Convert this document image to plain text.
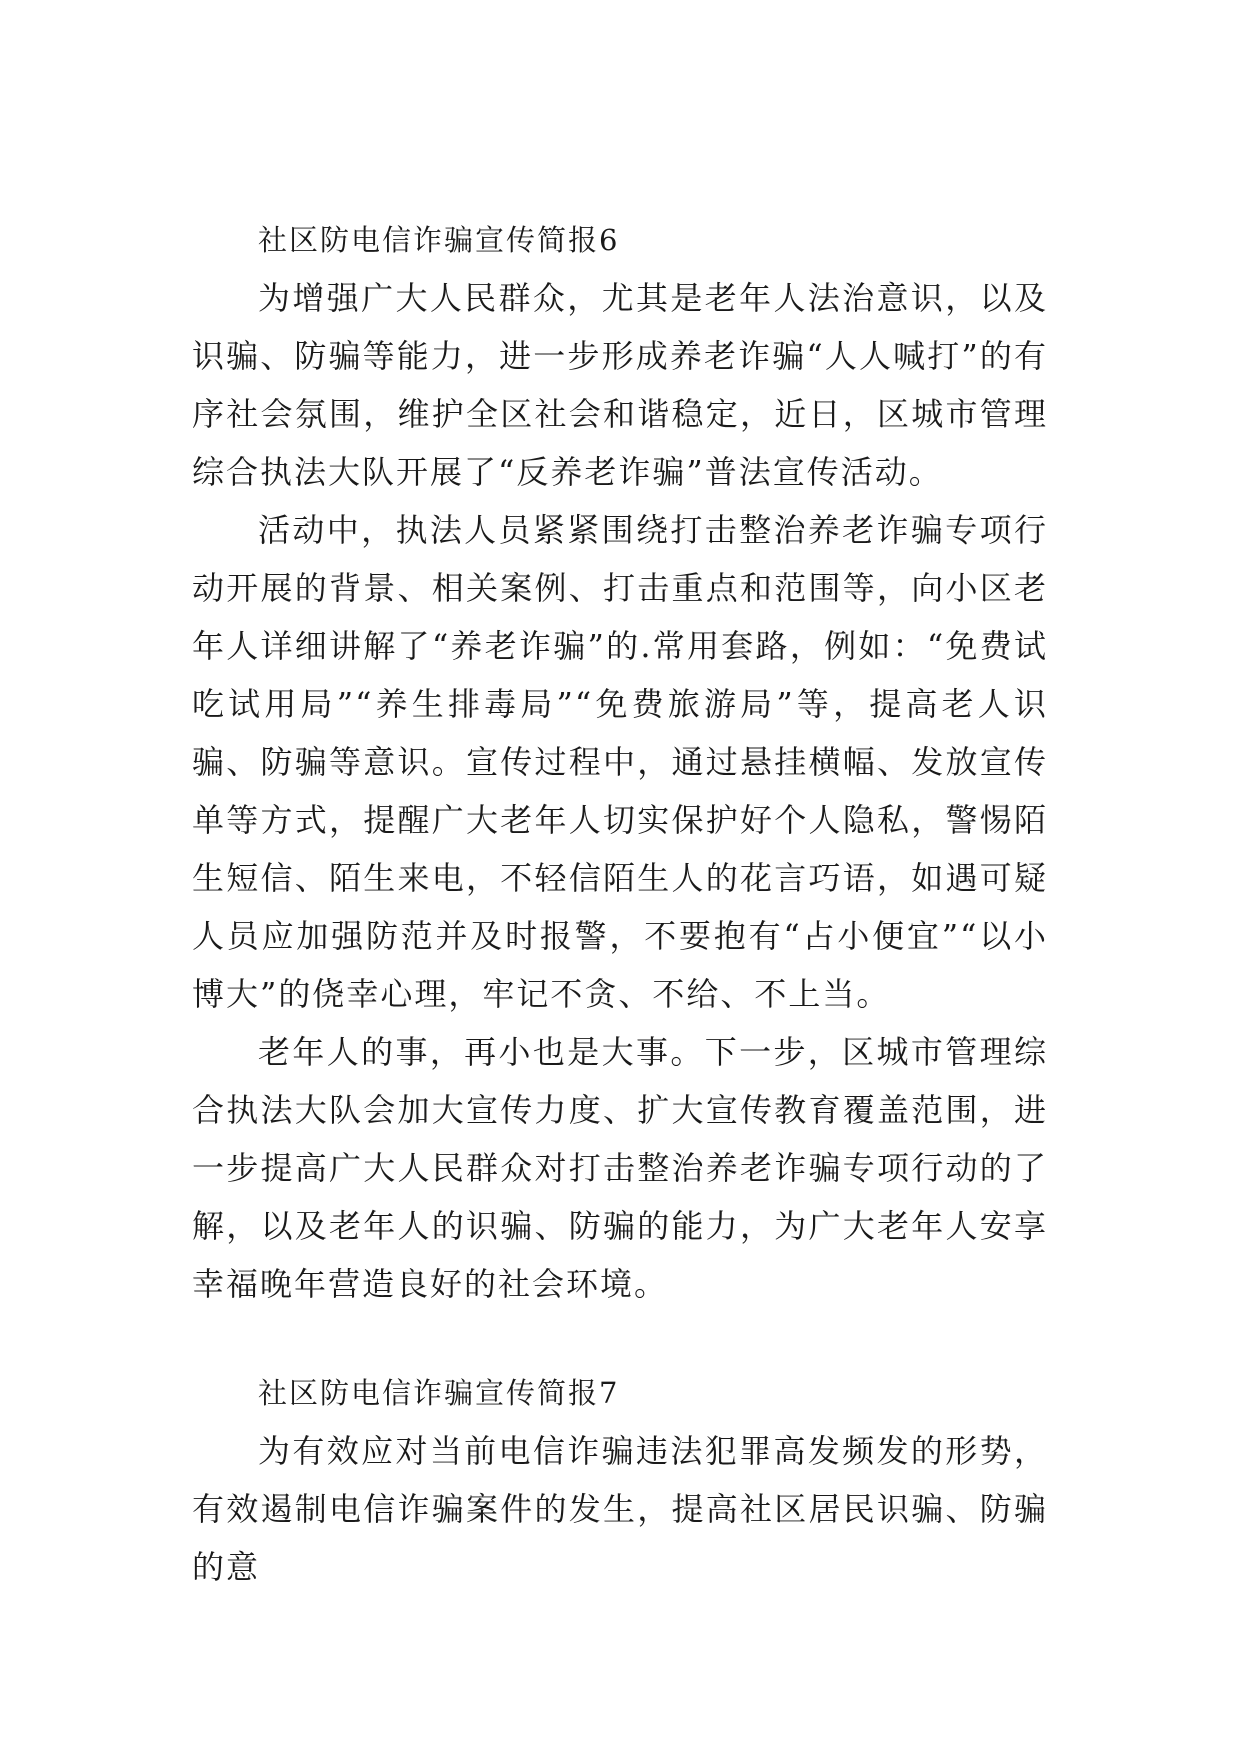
社区防电信诈骗宣传简报6

为增强广大人民群众，尤其是老年人法治意识，以及识骗、防骗等能力，进一步形成养老诈骗“人人喊打”的有序社会氛围，维护全区社会和谐稳定，近日，区城市管理综合执法大队开展了“反养老诈骗”普法宣传活动。

活动中，执法人员紧紧围绕打击整治养老诈骗专项行动开展的背景、相关案例、打击重点和范围等，向小区老年人详细讲解了“养老诈骗”的.常用套路，例如：“免费试吃试用局”“养生排毒局”“免费旅游局”等，提高老人识骗、防骗等意识。宣传过程中，通过悬挂横幅、发放宣传单等方式，提醒广大老年人切实保护好个人隐私，警惕陌生短信、陌生来电，不轻信陌生人的花言巧语，如遇可疑人员应加强防范并及时报警，不要抱有“占小便宜”“以小博大”的侥幸心理，牢记不贪、不给、不上当。

老年人的事，再小也是大事。下一步，区城市管理综合执法大队会加大宣传力度、扩大宣传教育覆盖范围，进一步提高广大人民群众对打击整治养老诈骗专项行动的了解，以及老年人的识骗、防骗的能力，为广大老年人安享幸福晚年营造良好的社会环境。

社区防电信诈骗宣传简报7

为有效应对当前电信诈骗违法犯罪高发频发的形势，有效遏制电信诈骗案件的发生，提高社区居民识骗、防骗的意
